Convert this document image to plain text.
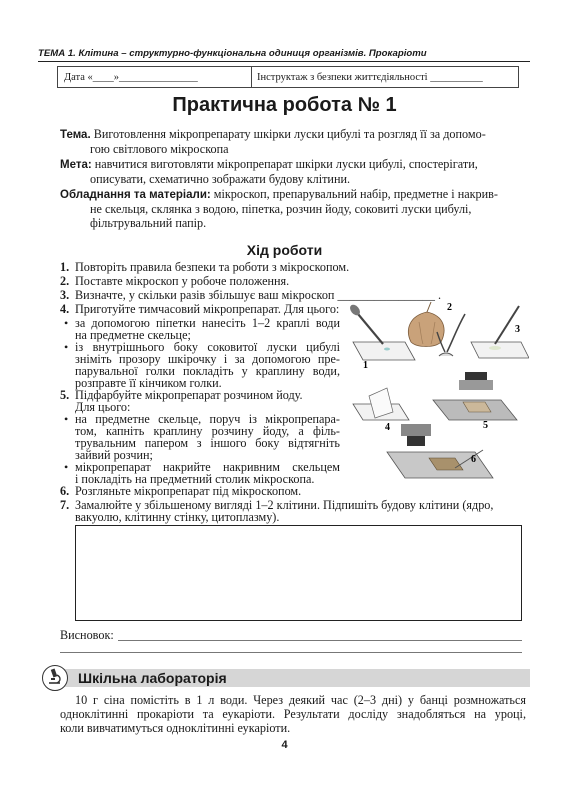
ТЕМА 1. Клітина – структурно-функціональна одиниця організмів. Прокаріоти
Дата «____»_______________	Інструктаж з безпеки життєдіяльності __________
Практична робота № 1
Тема. Виготовлення мікропрепарату шкірки луски цибулі та розгляд її за допомо-
гою світлового мікроскопа
Мета: навчитися виготовляти мікропрепарат шкірки луски цибулі, спостерігати,
описувати, схематично зображати будову клітини.
Обладнання та матеріали: мікроскоп, препарувальний набір, предметне і накрив-
не скельця, склянка з водою, піпетка, розчин йоду, соковиті луски цибулі,
фільтрувальний папір.
Хід роботи
1. Повторіть правила безпеки та роботи з мікроскопом.
2. Поставте мікроскоп у робоче положення.
3. Визначте, у скільки разів збільшує ваш мікроскоп ________________ .
4. Приготуйте тимчасовий мікропрепарат. Для цього:
• за допомогою піпетки нанесіть 1–2 краплі води
на предметне скельце;
• із внутрішнього боку соковитої луски цибулі
зніміть прозору шкірочку і за допомогою пре-
парувальної голки покладіть у краплину води,
розправте її кінчиком голки.
5. Підфарбуйте мікропрепарат розчином йоду.
Для цього:
• на предметне скельце, поруч із мікропрепара-
том, капніть краплину розчину йоду, а філь-
трувальним папером з іншого боку відтягніть
зайвий розчин;
• мікропрепарат накрийте накривним скельцем
і покладіть на предметний столик мікроскопа.
1
2
3
4	5
6
Висновок:
Шкільна лабораторія
10 г сіна помістіть в 1 л води. Через деякий час (2–3 дні) у банці розмножаться
одноклітинні прокаріоти та еукаріоти. Результати досліду знадобляться на уроці,
коли вивчатимуться одноклітинні еукаріоти.
4
6. Розгляньте мікропрепарат під мікроскопом.
7. Замалюйте у збільшеному вигляді 1–2 клітини. Підпишіть будову клітини (ядро,
вакуолю, клітинну стінку, цитоплазму).
